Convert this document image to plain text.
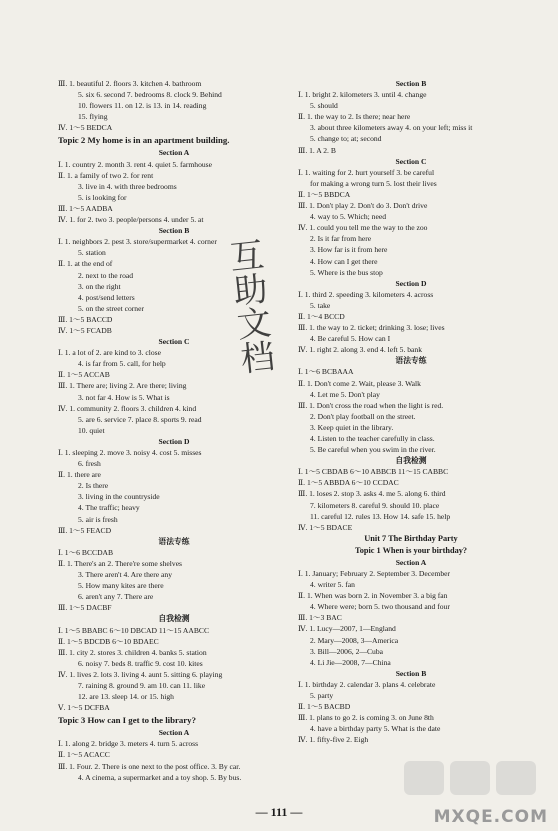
Ⅲ. 1. beautiful 2. floors 3. kitchen 4. bathroom
5. six 6. second 7. bedrooms 8. clock 9. Behind
10. flowers 11. on 12. is 13. in 14. reading
15. flying
Ⅳ. 1～5 BEDCA
Topic 2 My home is in an apartment building.
Section A
Ⅰ. 1. country 2. month 3. rent 4. quiet 5. farmhouse
Ⅱ. 1. a family of two 2. for rent
3. live in 4. with three bedrooms
5. is looking for
Ⅲ. 1～5 AADBA
Ⅳ. 1. for 2. two 3. people/persons 4. under 5. at
Section B
Ⅰ. 1. neighbors 2. pest 3. store/supermarket 4. corner
5. station
Ⅱ. 1. at the end of
2. next to the road
3. on the right
4. post/send letters
5. on the street corner
Ⅲ. 1～5 BACCD
Ⅳ. 1～5 FCADB
Section C
Ⅰ. 1. a lot of 2. are kind to 3. close
4. is far from 5. call, for help
Ⅱ. 1～5 ACCAB
Ⅲ. 1. There are; living 2. Are there; living
3. not far 4. How is 5. What is
Ⅳ. 1. community 2. floors 3. children 4. kind
5. are 6. service 7. place 8. sports 9. read
10. quiet
Section D
Ⅰ. 1. sleeping 2. move 3. noisy 4. cost 5. misses
6. fresh
Ⅱ. 1. there are
2. Is there
3. living in the countryside
4. The traffic; heavy
5. air is fresh
Ⅲ. 1～5 FEACD
语法专练
Ⅰ. 1～6 BCCDAB
Ⅱ. 1. There's an 2. There're some shelves
3. There aren't 4. Are there any
5. How many kites are there
6. aren't any 7. There are
Ⅲ. 1～5 DACBF
自我检测
Ⅰ. 1～5 BBABC 6～10 DBCAD 11～15 AABCC
Ⅱ. 1～5 BDCDB 6～10 BDAEC
Ⅲ. 1. city 2. stores 3. children 4. banks 5. station
6. noisy 7. beds 8. traffic 9. cost 10. kites
Ⅳ. 1. lives 2. lots 3. living 4. aunt 5. sitting 6. playing
7. raining 8. ground 9. am 10. can 11. like
12. are 13. sleep 14. or 15. high
Ⅴ. 1～5 DCFBA
Topic 3 How can I get to the library?
Section A
Ⅰ. 1. along 2. bridge 3. meters 4. turn 5. across
Ⅱ. 1～5 ACACC
Ⅲ. 1. Four. 2. There is one next to the post office. 3. By car.
4. A cinema, a supermarket and a toy shop. 5. By bus.
Section B
Ⅰ. 1. bright 2. kilometers 3. until 4. change
5. should
Ⅱ. 1. the way to 2. Is there; near here
3. about three kilometers away 4. on your left; miss it
5. change to; at; second
Ⅲ. 1. A 2. B
Section C
Ⅰ. 1. waiting for 2. hurt yourself 3. be careful
for making a wrong turn 5. lost their lives
Ⅱ. 1～5 BBDCA
Ⅲ. 1. Don't play 2. Don't do 3. Don't drive
4. way to 5. Which; need
Ⅳ. 1. could you tell me the way to the zoo
2. Is it far from here
3. How far is it from here
4. How can I get there
5. Where is the bus stop
Section D
Ⅰ. 1. third 2. speeding 3. kilometers 4. across
5. take
Ⅱ. 1～4 BCCD
Ⅲ. 1. the way to 2. ticket; drinking 3. lose; lives
4. Be careful 5. How can I
Ⅳ. 1. right 2. along 3. end 4. left 5. bank
语法专练
Ⅰ. 1～6 BCBAAA
Ⅱ. 1. Don't come 2. Wait, please 3. Walk
4. Let me 5. Don't play
Ⅲ. 1. Don't cross the road when the light is red.
2. Don't play football on the street.
3. Keep quiet in the library.
4. Listen to the teacher carefully in class.
5. Be careful when you swim in the river.
自我检测
Ⅰ. 1～5 CBDAB 6～10 ABBCB 11～15 CABBC
Ⅱ. 1～5 ABBDA 6～10 CCDAC
Ⅲ. 1. loses 2. stop 3. asks 4. me 5. along 6. third
7. kilometers 8. careful 9. should 10. place
11. careful 12. rules 13. How 14. safe 15. help
Ⅳ. 1～5 BDACE
Unit 7 The Birthday Party
Topic 1 When is your birthday?
Section A
Ⅰ. 1. January; February 2. September 3. December
4. writer 5. fan
Ⅱ. 1. When was born 2. in November 3. a big fan
4. Where were; born 5. two thousand and four
Ⅲ. 1～3 BAC
Ⅳ. 1. Lucy—2007, 1—England
2. Mary—2008, 3—America
3. Bill—2006, 2—Cuba
4. Li Jie—2008, 7—China
Section B
Ⅰ. 1. birthday 2. calendar 3. plans 4. celebrate
5. party
Ⅱ. 1～5 BACBD
Ⅲ. 1. plans to go 2. is coming 3. on June 8th
4. have a birthday party 5. What is the date
Ⅳ. 1. fifty-five 2. Eigh
互助文档
— 111 —	MXQE.COM
